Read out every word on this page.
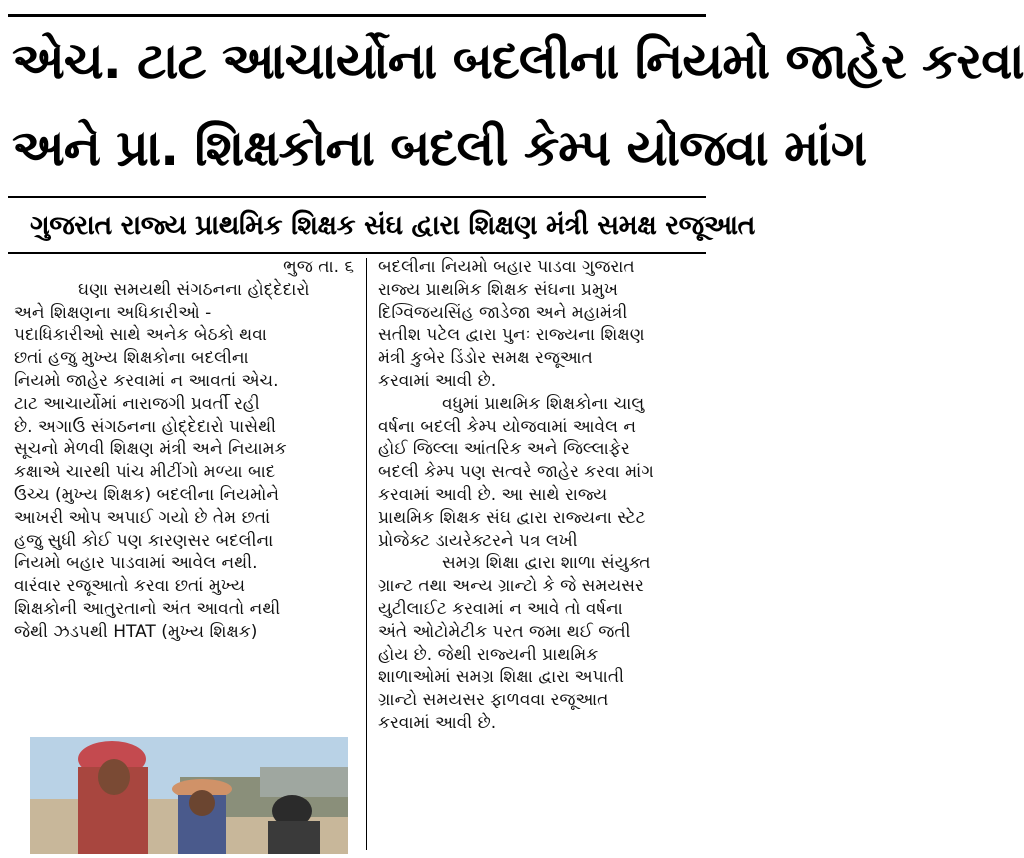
એચ. ટાટ આચાર્યોના બદલીના નિયમો જાહેર કરવા
અને પ્રા. શિક્ષકોના બદલી કેમ્પ યોજવા માંગ
ગુજરાત રાજ્ય પ્રાથમિક શિક્ષક સંઘ દ્વારા શિક્ષણ મંત્રી સમક્ષ રજૂઆત
ભુજ તા. ૬
ઘણા સમયથી સંગઠનના હોદ્દેદારો
અને શિક્ષણના અધિકારીઓ -
પદાધિકારીઓ સાથે અનેક બેઠકો થવા
છતાં હજુ મુખ્ય શિક્ષકોના બદલીના
નિયમો જાહેર કરવામાં ન આવતાં એચ.
ટાટ આચાર્યોમાં નારાજગી પ્રવર્તી રહી
છે. અગાઉ સંગઠનના હોદ્દેદારો પાસેથી
સૂચનો મેળવી શિક્ષણ મંત્રી અને નિયામક
કક્ષાએ ચારથી પાંચ મીટીંગો મળ્યા બાદ
ઉચ્ચ (મુખ્ય શિક્ષક) બદલીના નિયમોને
આખરી ઓપ અપાઈ ગયો છે તેમ છતાં
હજુ સુધી કોઈ પણ કારણસર બદલીના
નિયમો બહાર પાડવામાં આવેલ નથી.
વારંવાર રજૂઆતો કરવા છતાં મુખ્ય
શિક્ષકોની આતુરતાનો અંત આવતો નથી
જેથી ઝડપથી HTAT (મુખ્ય શિક્ષક)
બદલીના નિયમો બહાર પાડવા ગુજરાત
રાજ્ય પ્રાથમિક શિક્ષક સંઘના પ્રમુખ
દિગ્વિજયસિંહ જાડેજા અને મહામંત્રી
સતીશ પટેલ દ્વારા પુનઃ રાજ્યના શિક્ષણ
મંત્રી કુબેર ડિંડોર સમક્ષ રજૂઆત
કરવામાં આવી છે.
વધુમાં પ્રાથમિક શિક્ષકોના ચાલુ
વર્ષના બદલી કેમ્પ યોજવામાં આવેલ ન
હોઈ જિલ્લા આંતરિક અને જિલ્લાફેર
બદલી કેમ્પ પણ સત્વરે જાહેર કરવા માંગ
કરવામાં આવી છે. આ સાથે રાજ્ય
પ્રાથમિક શિક્ષક સંઘ દ્વારા રાજ્યના સ્ટેટ
પ્રોજેક્ટ ડાયરેક્ટરને પત્ર લખી
સમગ્ર શિક્ષા દ્વારા શાળા સંયુક્ત
ગ્રાન્ટ તથા અન્ય ગ્રાન્ટો કે જે સમયસર
યુટીલાઈટ કરવામાં ન આવે તો વર્ષના
અંતે ઓટોમેટીક પરત જમા થઈ જતી
હોય છે. જેથી રાજ્યની પ્રાથમિક
શાળાઓમાં સમગ્ર શિક્ષા દ્વારા અપાતી
ગ્રાન્ટો સમયસર ફાળવવા રજૂઆત
કરવામાં આવી છે.
